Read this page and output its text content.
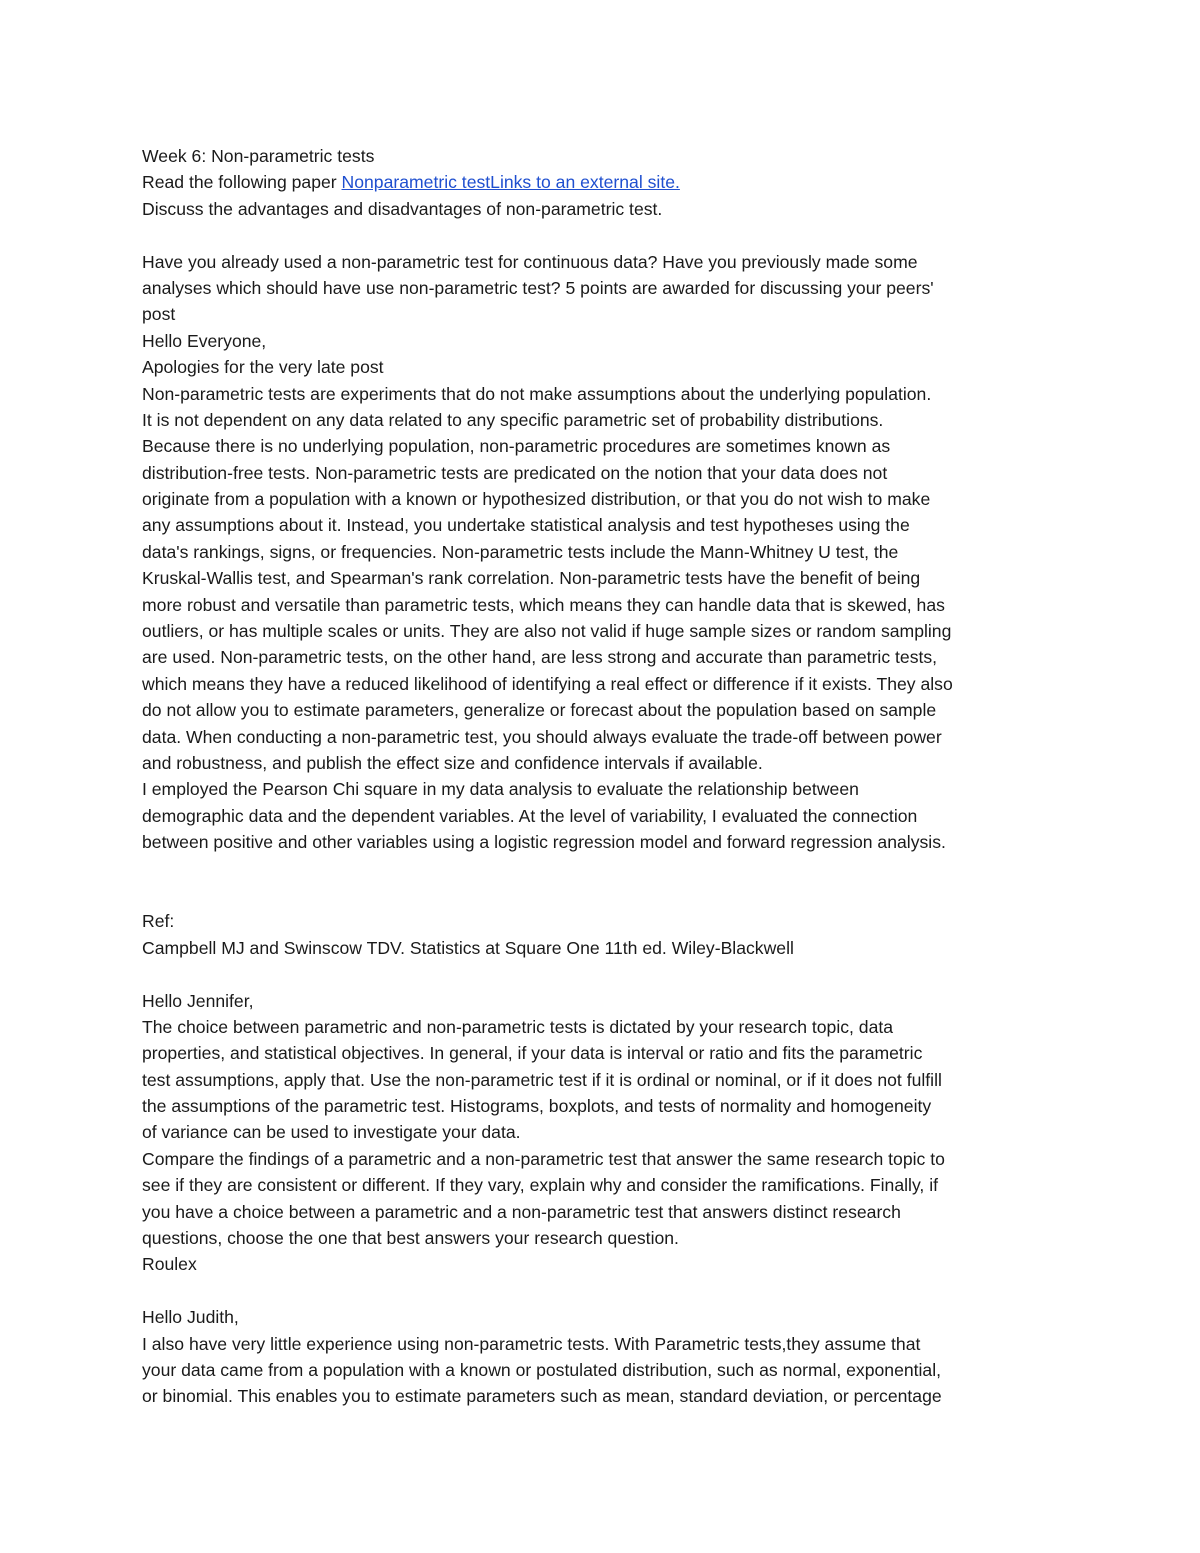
Week 6: Non-parametric tests
Read the following paper Nonparametric testLinks to an external site.
Discuss the advantages and disadvantages of non-parametric test.
Have you already used a non-parametric test for continuous data? Have you previously made some
analyses which should have use non-parametric test? 5 points are awarded for discussing your peers'
post
Hello Everyone,
Apologies for the very late post
Non-parametric tests are experiments that do not make assumptions about the underlying population.
It is not dependent on any data related to any specific parametric set of probability distributions.
Because there is no underlying population, non-parametric procedures are sometimes known as
distribution-free tests. Non-parametric tests are predicated on the notion that your data does not
originate from a population with a known or hypothesized distribution, or that you do not wish to make
any assumptions about it. Instead, you undertake statistical analysis and test hypotheses using the
data's rankings, signs, or frequencies. Non-parametric tests include the Mann-Whitney U test, the
Kruskal-Wallis test, and Spearman's rank correlation. Non-parametric tests have the benefit of being
more robust and versatile than parametric tests, which means they can handle data that is skewed, has
outliers, or has multiple scales or units. They are also not valid if huge sample sizes or random sampling
are used. Non-parametric tests, on the other hand, are less strong and accurate than parametric tests,
which means they have a reduced likelihood of identifying a real effect or difference if it exists. They also
do not allow you to estimate parameters, generalize or forecast about the population based on sample
data. When conducting a non-parametric test, you should always evaluate the trade-off between power
and robustness, and publish the effect size and confidence intervals if available.
I employed the Pearson Chi square in my data analysis to evaluate the relationship between
demographic data and the dependent variables. At the level of variability, I evaluated the connection
between positive and other variables using a logistic regression model and forward regression analysis.
Ref:
Campbell MJ and Swinscow TDV. Statistics at Square One 11th ed. Wiley-Blackwell
Hello Jennifer,
The choice between parametric and non-parametric tests is dictated by your research topic, data
properties, and statistical objectives. In general, if your data is interval or ratio and fits the parametric
test assumptions, apply that. Use the non-parametric test if it is ordinal or nominal, or if it does not fulfill
the assumptions of the parametric test. Histograms, boxplots, and tests of normality and homogeneity
of variance can be used to investigate your data.
Compare the findings of a parametric and a non-parametric test that answer the same research topic to
see if they are consistent or different. If they vary, explain why and consider the ramifications. Finally, if
you have a choice between a parametric and a non-parametric test that answers distinct research
questions, choose the one that best answers your research question.
Roulex
Hello Judith,
I also have very little experience using non-parametric tests. With Parametric tests,they assume that
your data came from a population with a known or postulated distribution, such as normal, exponential,
or binomial. This enables you to estimate parameters such as mean, standard deviation, or percentage
